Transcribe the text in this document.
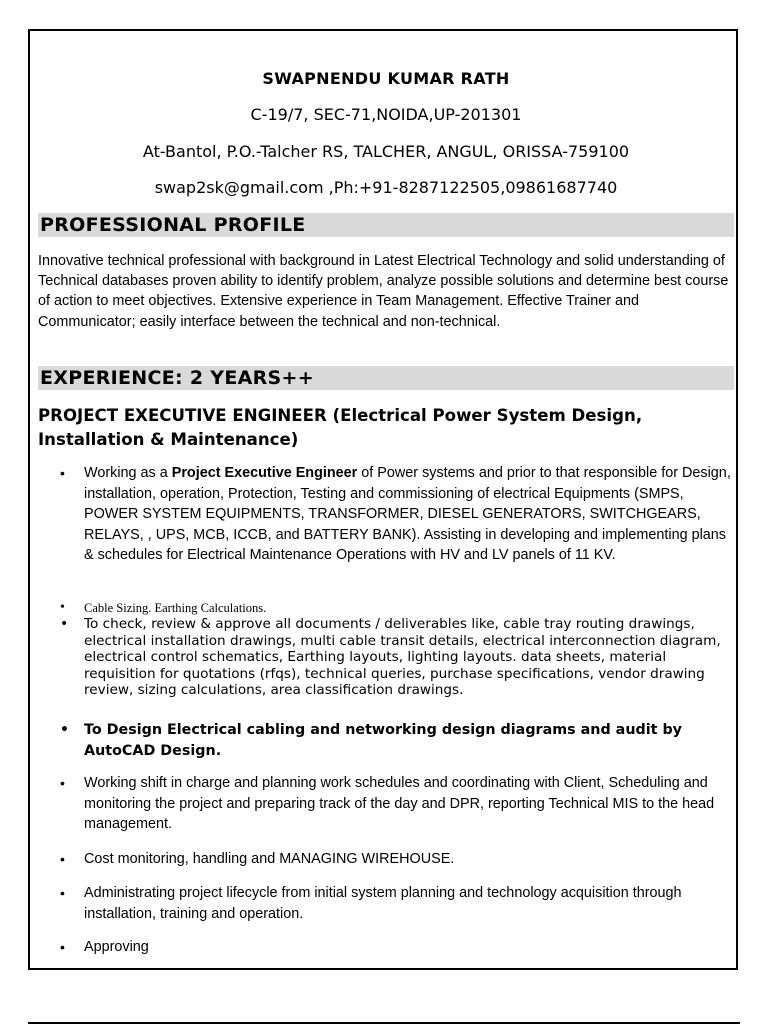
SWAPNENDU KUMAR RATH
C-19/7, SEC-71,NOIDA,UP-201301
At-Bantol, P.O.-Talcher RS, TALCHER, ANGUL, ORISSA-759100
swap2sk@gmail.com ,Ph:+91-8287122505,09861687740
PROFESSIONAL PROFILE
Innovative technical professional with background in Latest Electrical Technology and solid understanding of Technical databases proven ability to identify problem, analyze possible solutions and determine best course of action to meet objectives. Extensive experience in Team Management. Effective Trainer and Communicator; easily interface between the technical and non-technical.
EXPERIENCE: 2 YEARS++
PROJECT EXECUTIVE ENGINEER (Electrical Power System Design, Installation & Maintenance)
• Working as a Project Executive Engineer of Power systems and prior to that responsible for Design, installation, operation, Protection, Testing and commissioning of electrical Equipments (SMPS, POWER SYSTEM EQUIPMENTS, TRANSFORMER, DIESEL GENERATORS, SWITCHGEARS, RELAYS, , UPS, MCB, ICCB, and BATTERY BANK). Assisting in developing and implementing plans & schedules for Electrical Maintenance Operations with HV and LV panels of 11 KV.
• Cable Sizing. Earthing Calculations.
• To check, review & approve all documents / deliverables like, cable tray routing drawings, electrical installation drawings, multi cable transit details, electrical interconnection diagram, electrical control schematics, Earthing layouts, lighting layouts. data sheets, material requisition for quotations (rfqs), technical queries, purchase specifications, vendor drawing review, sizing calculations, area classification drawings.
• To Design Electrical cabling and networking design diagrams and audit by AutoCAD Design.
• Working shift in charge and planning work schedules and coordinating with Client, Scheduling and monitoring the project and preparing track of the day and DPR, reporting Technical MIS to the head management.
• Cost monitoring, handling and MANAGING WIREHOUSE.
• Administrating project lifecycle from initial system planning and technology acquisition through installation, training and operation.
• Approving
